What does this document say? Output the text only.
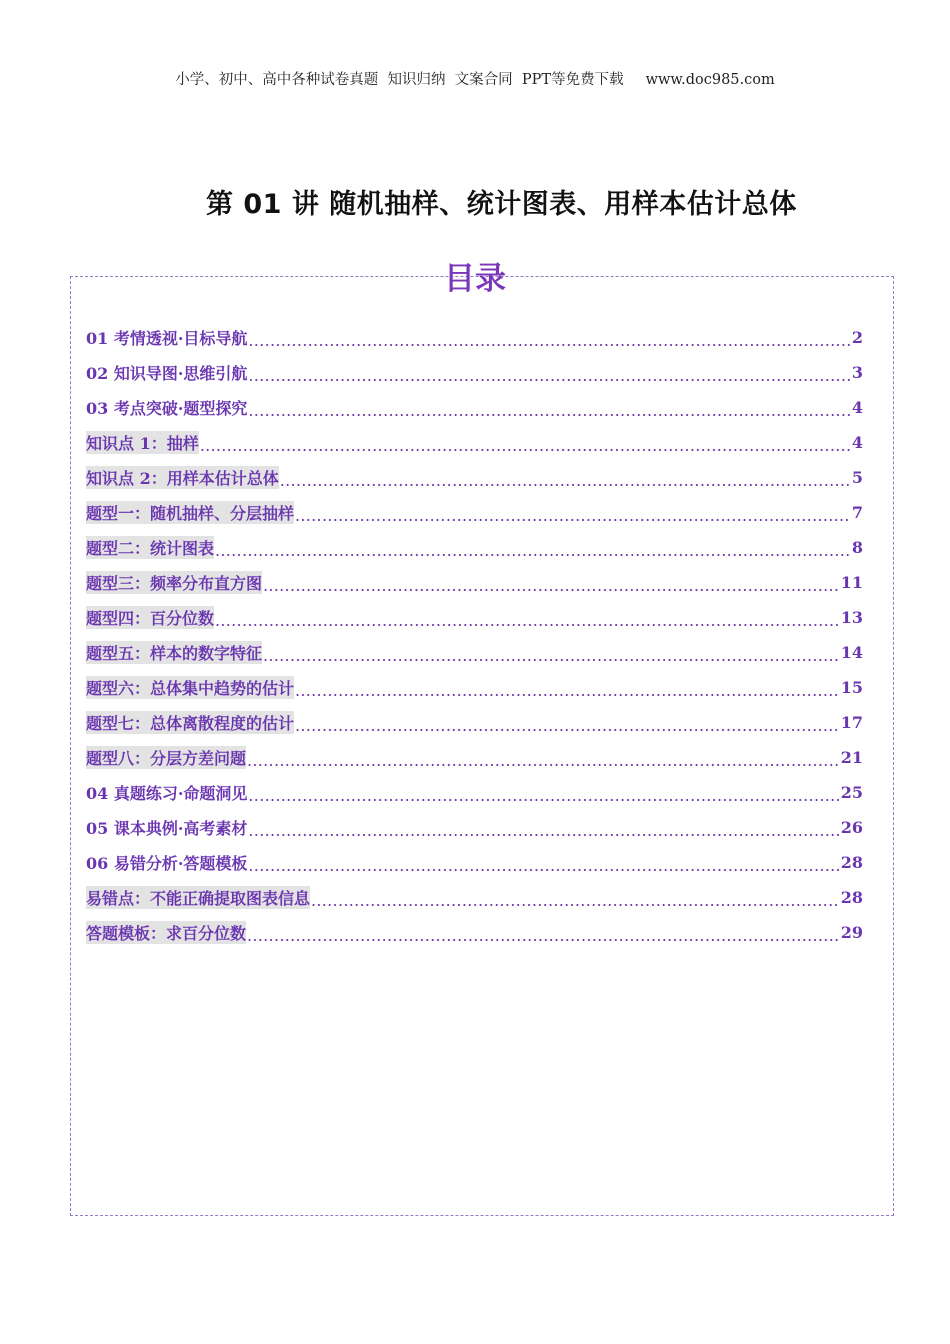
小学、初中、高中各种试卷真题  知识归纳  文案合同  PPT等免费下载 www.doc985.com
第 01 讲 随机抽样、统计图表、用样本估计总体
目录
01 考情透视·目标导航 .....	2
02 知识导图·思维引航 .....	3
03 考点突破·题型探究 .....	4
知识点 1：抽样 .....	4
知识点 2：用样本估计总体 .....	5
题型一：随机抽样、分层抽样 .....	7
题型二：统计图表 .....	8
题型三：频率分布直方图 .....	11
题型四：百分位数 .....	13
题型五：样本的数字特征 .....	14
题型六：总体集中趋势的估计 .....	15
题型七：总体离散程度的估计 .....	17
题型八：分层方差问题 .....	21
04 真题练习·命题洞见 .....	25
05 课本典例·高考素材 .....	26
06 易错分析·答题模板 .....	28
易错点：不能正确提取图表信息 .....	28
答题模板：求百分位数 .....	29
